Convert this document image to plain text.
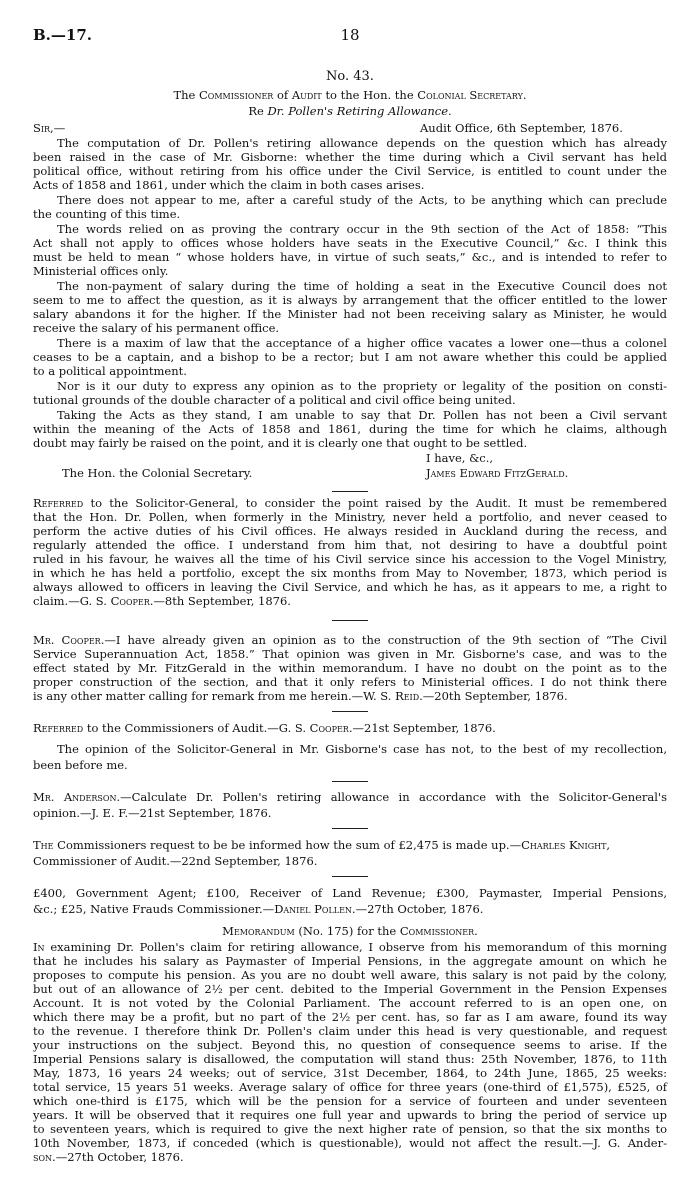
B.—17.	18
No. 43.
The Commissioner of Audit to the Hon. the Colonial Secretary.
Re Dr. Pollen's Retiring Allowance.
Sir,—	Audit Office, 6th September, 1876.
The computation of Dr. Pollen's retiring allowance depends on the question which has already
been raised in the case of Mr. Gisborne: whether the time during which a Civil servant has held
political office, without retiring from his office under the Civil Service, is entitled to count under the
Acts of 1858 and 1861, under which the claim in both cases arises.
There does not appear to me, after a careful study of the Acts, to be anything which can preclude
the counting of this time.
The words relied on as proving the contrary occur in the 9th section of the Act of 1858: “This
Act shall not apply to offices whose holders have seats in the Executive Council,” &c. I think this
must be held to mean “ whose holders have, in virtue of such seats,” &c., and is intended to refer to
Ministerial offices only.
The non-payment of salary during the time of holding a seat in the Executive Council does not
seem to me to affect the question, as it is always by arrangement that the officer entitled to the lower
salary abandons it for the higher. If the Minister had not been receiving salary as Minister, he would
receive the salary of his permanent office.
There is a maxim of law that the acceptance of a higher office vacates a lower one—thus a colonel
ceases to be a captain, and a bishop to be a rector; but I am not aware whether this could be applied
to a political appointment.
Nor is it our duty to express any opinion as to the propriety or legality of the position on consti-
tutional grounds of the double character of a political and civil office being united.
Taking the Acts as they stand, I am unable to say that Dr. Pollen has not been a Civil servant
within the meaning of the Acts of 1858 and 1861, during the time for which he claims, although
doubt may fairly be raised on the point, and it is clearly one that ought to be settled.
I have, &c.,
The Hon. the Colonial Secretary.	James Edward FitzGerald.
Referred to the Solicitor-General, to consider the point raised by the Audit. It must be remembered
that the Hon. Dr. Pollen, when formerly in the Ministry, never held a portfolio, and never ceased to
perform the active duties of his Civil offices. He always resided in Auckland during the recess, and
regularly attended the office. I understand from him that, not desiring to have a doubtful point
ruled in his favour, he waives all the time of his Civil service since his accession to the Vogel Ministry,
in which he has held a portfolio, except the six months from May to November, 1873, which period is
always allowed to officers in leaving the Civil Service, and which he has, as it appears to me, a right to
claim.—G. S. Cooper.—8th September, 1876.
Mr. Cooper.—I have already given an opinion as to the construction of the 9th section of “The Civil
Service Superannuation Act, 1858.” That opinion was given in Mr. Gisborne's case, and was to the
effect stated by Mr. FitzGerald in the within memorandum. I have no doubt on the point as to the
proper construction of the section, and that it only refers to Ministerial offices. I do not think there
is any other matter calling for remark from me herein.—W. S. Reid.—20th September, 1876.
Referred to the Commissioners of Audit.—G. S. Cooper.—21st September, 1876.
The opinion of the Solicitor-General in Mr. Gisborne's case has not, to the best of my recollection,
been before me.
Mr. Anderson.—Calculate Dr. Pollen's retiring allowance in accordance with the Solicitor-General's
opinion.—J. E. F.—21st September, 1876.
The Commissioners request to be be informed how the sum of £2,475 is made up.—Charles Knight,
Commissioner of Audit.—22nd September, 1876.
£400, Government Agent; £100, Receiver of Land Revenue; £300, Paymaster, Imperial Pensions,
&c.; £25, Native Frauds Commissioner.—Daniel Pollen.—27th October, 1876.
Memorandum (No. 175) for the Commissioner.
In examining Dr. Pollen's claim for retiring allowance, I observe from his memorandum of this morning
that he includes his salary as Paymaster of Imperial Pensions, in the aggregate amount on which he
proposes to compute his pension. As you are no doubt well aware, this salary is not paid by the colony,
but out of an allowance of 2½ per cent. debited to the Imperial Government in the Pension Expenses
Account. It is not voted by the Colonial Parliament. The account referred to is an open one, on
which there may be a profit, but no part of the 2½ per cent. has, so far as I am aware, found its way
to the revenue. I therefore think Dr. Pollen's claim under this head is very questionable, and request
your instructions on the subject. Beyond this, no question of consequence seems to arise. If the
Imperial Pensions salary is disallowed, the computation will stand thus: 25th November, 1876, to 11th
May, 1873, 16 years 24 weeks; out of service, 31st December, 1864, to 24th June, 1865, 25 weeks:
total service, 15 years 51 weeks. Average salary of office for three years (one-third of £1,575), £525, of
which one-third is £175, which will be the pension for a service of fourteen and under seventeen
years. It will be observed that it requires one full year and upwards to bring the period of service up
to seventeen years, which is required to give the next higher rate of pension, so that the six months to
10th November, 1873, if conceded (which is questionable), would not affect the result.—J. G. Ander-
son.—27th October, 1876.
